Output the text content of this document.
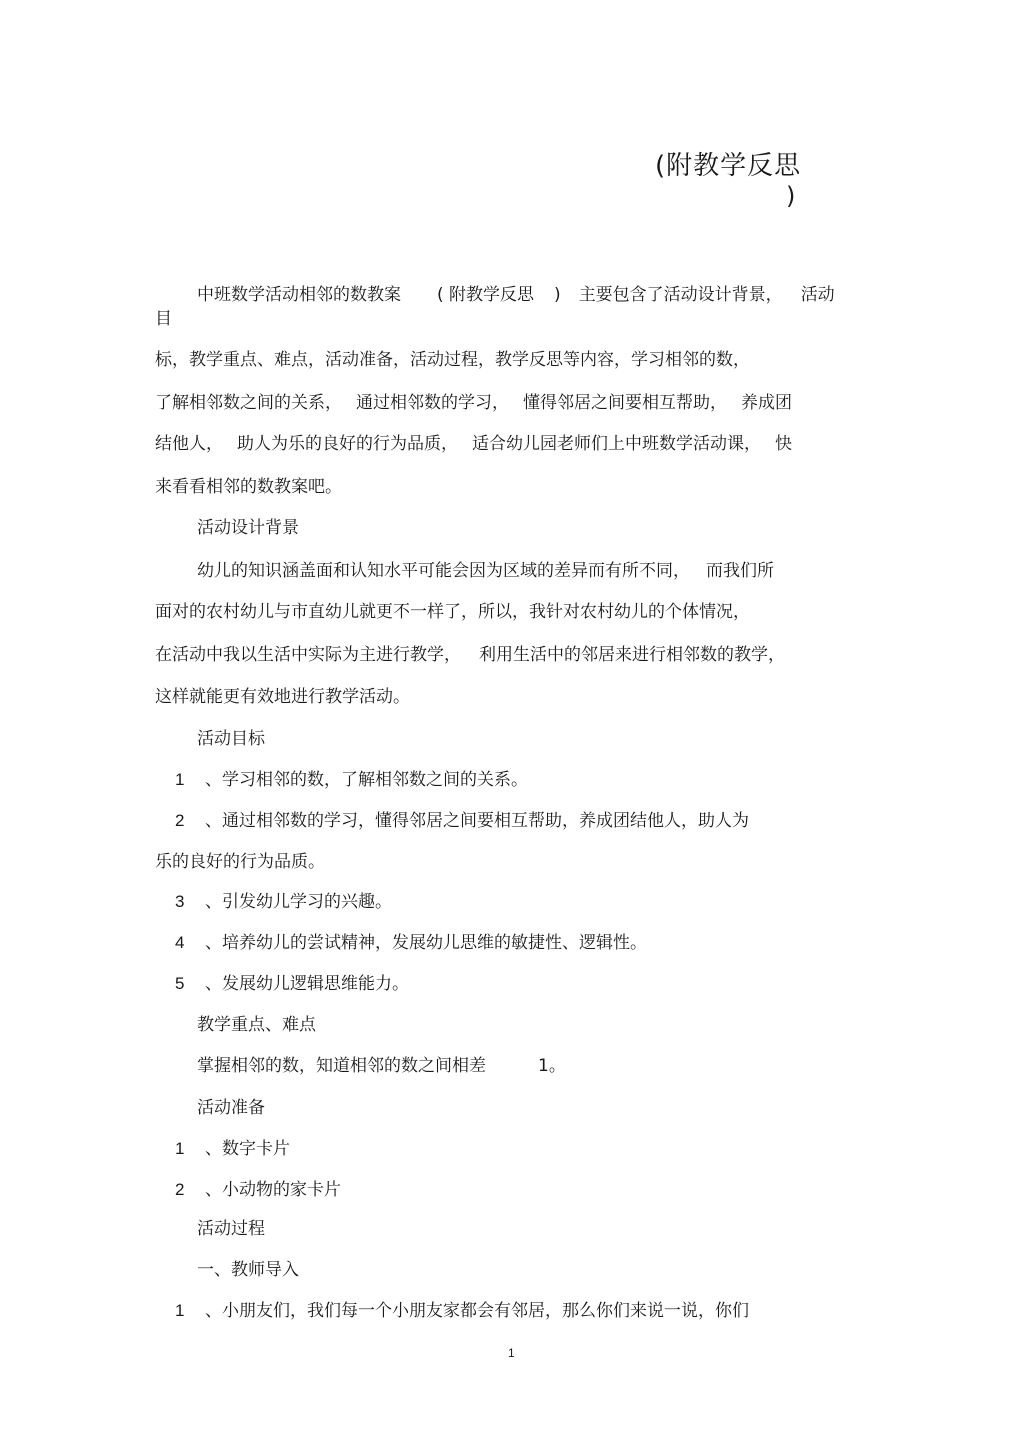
(附教学反思
)
中班数学活动相邻的数教案 ( 附教学反思 ) 主要包含了活动设计背景， 活动
目
标，教学重点、难点，活动准备，活动过程，教学反思等内容，学习相邻的数，
了解相邻数之间的关系， 通过相邻数的学习， 懂得邻居之间要相互帮助， 养成团
结他人， 助人为乐的良好的行为品质， 适合幼儿园老师们上中班数学活动课， 快
来看看相邻的数教案吧。
活动设计背景
幼儿的知识涵盖面和认知水平可能会因为区域的差异而有所不同， 而我们所
面对的农村幼儿与市直幼儿就更不一样了，所以，我针对农村幼儿的个体情况，
在活动中我以生活中实际为主进行教学， 利用生活中的邻居来进行相邻数的教学，
这样就能更有效地进行教学活动。
活动目标
1 、学习相邻的数，了解相邻数之间的关系。
2 、通过相邻数的学习，懂得邻居之间要相互帮助，养成团结他人，助人为
乐的良好的行为品质。
3 、引发幼儿学习的兴趣。
4 、培养幼儿的尝试精神，发展幼儿思维的敏捷性、逻辑性。
5 、发展幼儿逻辑思维能力。
教学重点、难点
掌握相邻的数，知道相邻的数之间相差	1。
活动准备
1 、数字卡片
2 、小动物的家卡片
活动过程
一、教师导入
1 、小朋友们，我们每一个小朋友家都会有邻居，那么你们来说一说，你们
1
